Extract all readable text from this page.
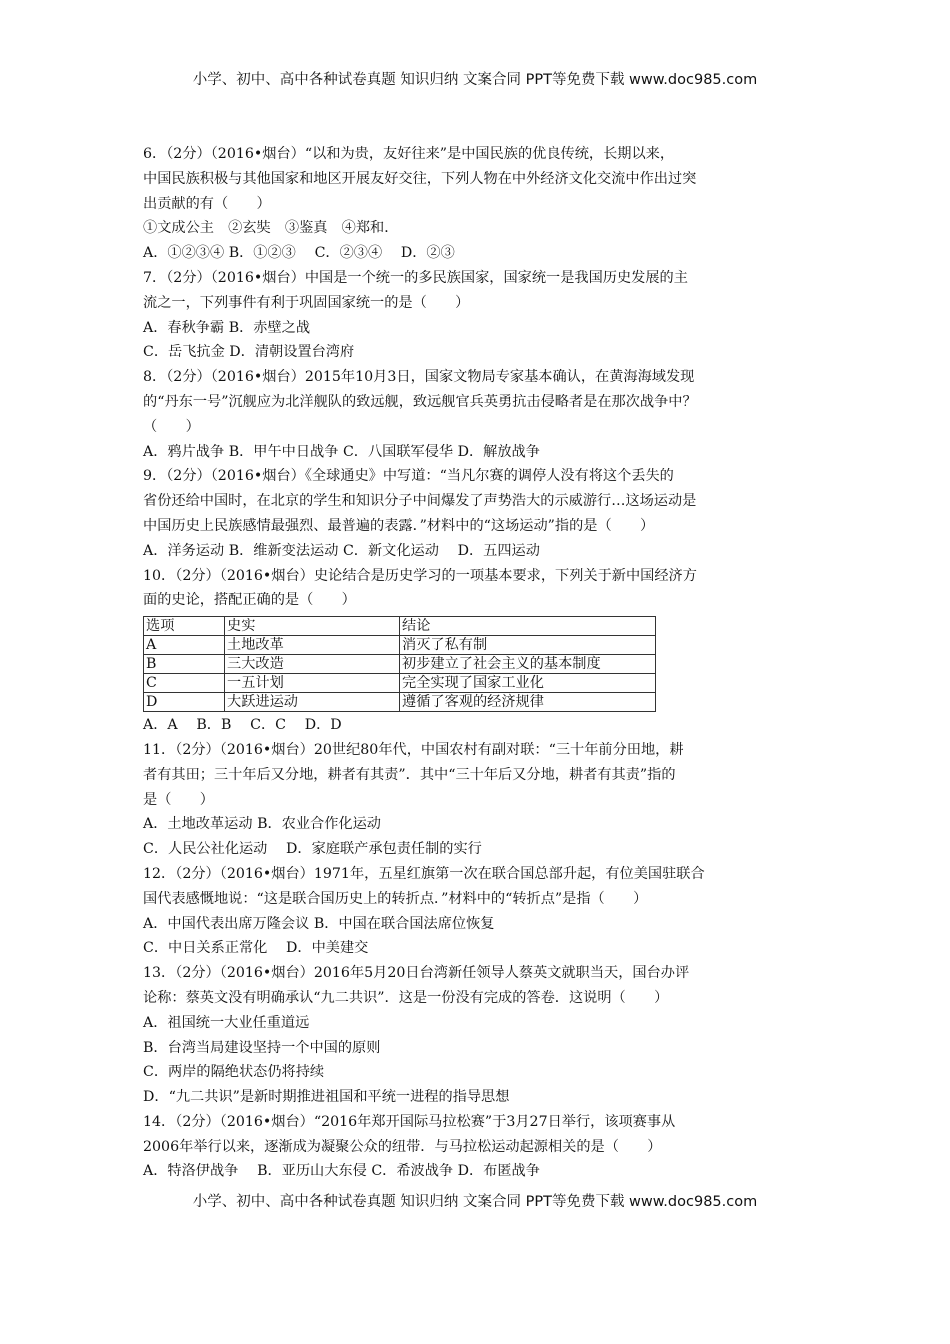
小学、初中、高中各种试卷真题 知识归纳 文案合同 PPT等免费下载 www.doc985.com
6．（2分）（2016•烟台）“以和为贵，友好往来”是中国民族的优良传统，长期以来，
中国民族积极与其他国家和地区开展友好交往，下列人物在中外经济文化交流中作出过突
出贡献的有（　　）
①文成公主　②玄奘　③鉴真　④郑和．
A．①②③④ B．①②③　 C．②③④　 D．②③
7．（2分）（2016•烟台）中国是一个统一的多民族国家，国家统一是我国历史发展的主
流之一，下列事件有利于巩固国家统一的是（　　）
A．春秋争霸 B．赤壁之战
C．岳飞抗金 D．清朝设置台湾府
8．（2分）（2016•烟台）2015年10月3日，国家文物局专家基本确认，在黄海海域发现
的“丹东一号”沉舰应为北洋舰队的致远舰，致远舰官兵英勇抗击侵略者是在那次战争中？
（　　）
A．鸦片战争 B．甲午中日战争 C．八国联军侵华 D．解放战争
9．（2分）（2016•烟台）《全球通史》中写道：“当凡尔赛的调停人没有将这个丢失的
省份还给中国时，在北京的学生和知识分子中间爆发了声势浩大的示威游行…这场运动是
中国历史上民族感情最强烈、最普遍的表露．”材料中的“这场运动”指的是（　　）
A．洋务运动 B．维新变法运动 C．新文化运动　 D．五四运动
10．（2分）（2016•烟台）史论结合是历史学习的一项基本要求，下列关于新中国经济方
面的史论，搭配正确的是（　　）
选项	史实	结论
A	土地改革	消灭了私有制
B	三大改造	初步建立了社会主义的基本制度
C	一五计划	完全实现了国家工业化
D	大跃进运动	遵循了客观的经济规律
A．A　 B．B　 C．C　 D．D
11．（2分）（2016•烟台）20世纪80年代，中国农村有副对联：“三十年前分田地，耕
者有其田；三十年后又分地，耕者有其责”．其中“三十年后又分地，耕者有其责”指的
是（　　）
A．土地改革运动 B．农业合作化运动
C．人民公社化运动　 D．家庭联产承包责任制的实行
12．（2分）（2016•烟台）1971年，五星红旗第一次在联合国总部升起，有位美国驻联合
国代表感慨地说：“这是联合国历史上的转折点．”材料中的“转折点”是指（　　）
A．中国代表出席万隆会议 B．中国在联合国法席位恢复
C．中日关系正常化　 D．中美建交
13．（2分）（2016•烟台）2016年5月20日台湾新任领导人蔡英文就职当天，国台办评
论称：蔡英文没有明确承认“九二共识”．这是一份没有完成的答卷．这说明（　　）
A．祖国统一大业任重道远
B．台湾当局建设坚持一个中国的原则
C．两岸的隔绝状态仍将持续
D．“九二共识”是新时期推进祖国和平统一进程的指导思想
14．（2分）（2016•烟台）“2016年郑开国际马拉松赛”于3月27日举行，该项赛事从
2006年举行以来，逐渐成为凝聚公众的纽带．与马拉松运动起源相关的是（　　）
A．特洛伊战争　 B．亚历山大东侵 C．希波战争 D．布匿战争
小学、初中、高中各种试卷真题 知识归纳 文案合同 PPT等免费下载 www.doc985.com
